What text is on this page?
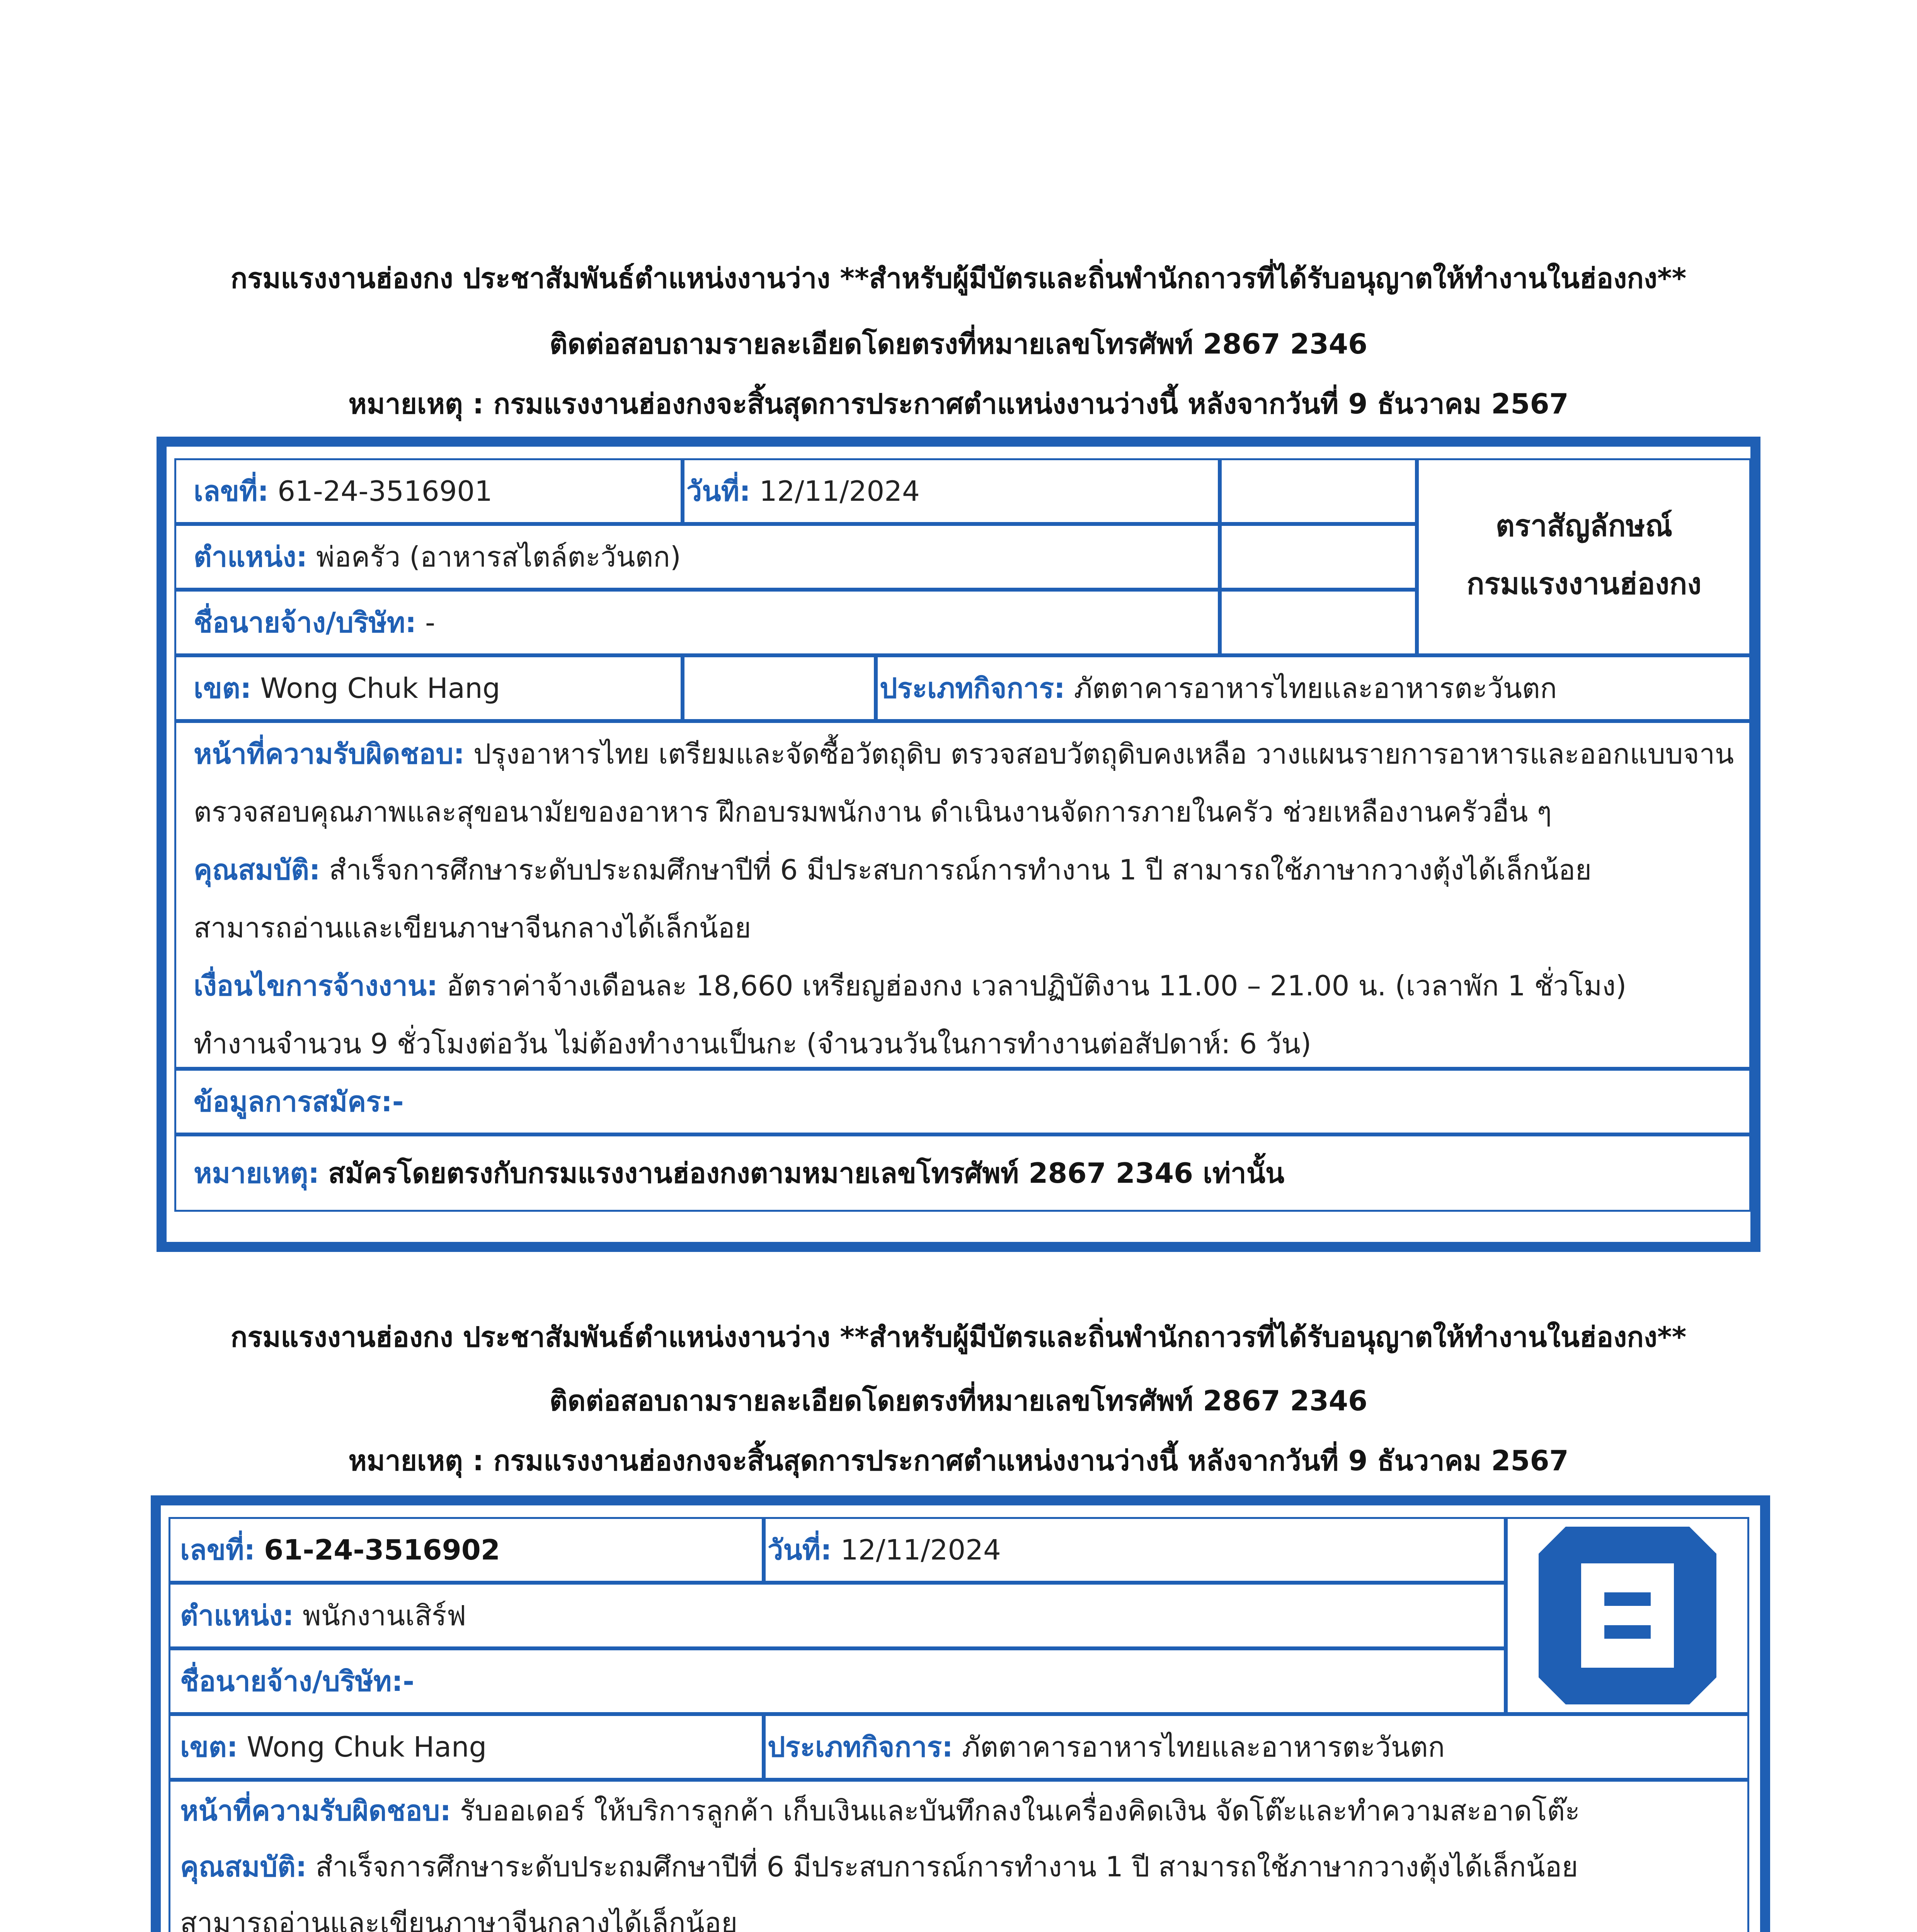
กรมแรงงานฮ่องกง ประชาสัมพันธ์ตำแหน่งงานว่าง **สำหรับผู้มีบัตรและถิ่นพำนักถาวรที่ได้รับอนุญาตให้ทำงานในฮ่องกง**
ติดต่อสอบถามรายละเอียดโดยตรงที่หมายเลขโทรศัพท์ 2867 2346
หมายเหตุ : กรมแรงงานฮ่องกงจะสิ้นสุดการประกาศตำแหน่งงานว่างนี้ หลังจากวันที่ 9 ธันวาคม 2567
ตราสัญลักษณ์
กรมแรงงานฮ่องกง
เลขที่: 61-24-3516901	วันที่: 12/11/2024
ตำแหน่ง: พ่อครัว (อาหารสไตล์ตะวันตก)
ชื่อนายจ้าง/บริษัท: -
เขต: Wong Chuk Hang	ประเภทกิจการ: ภัตตาคารอาหารไทยและอาหารตะวันตก
หน้าที่ความรับผิดชอบ: ปรุงอาหารไทย เตรียมและจัดซื้อวัตถุดิบ ตรวจสอบวัตถุดิบคงเหลือ วางแผนรายการอาหารและออกแบบจาน
ตรวจสอบคุณภาพและสุขอนามัยของอาหาร ฝึกอบรมพนักงาน ดำเนินงานจัดการภายในครัว ช่วยเหลืองานครัวอื่น ๆ
คุณสมบัติ: สำเร็จการศึกษาระดับประถมศึกษาปีที่ 6 มีประสบการณ์การทำงาน 1 ปี สามารถใช้ภาษากวางตุ้งได้เล็กน้อย
สามารถอ่านและเขียนภาษาจีนกลางได้เล็กน้อย
เงื่อนไขการจ้างงาน: อัตราค่าจ้างเดือนละ 18,660 เหรียญฮ่องกง เวลาปฏิบัติงาน 11.00 – 21.00 น. (เวลาพัก 1 ชั่วโมง)
ทำงานจำนวน 9 ชั่วโมงต่อวัน ไม่ต้องทำงานเป็นกะ (จำนวนวันในการทำงานต่อสัปดาห์: 6 วัน)
ข้อมูลการสมัคร:-
หมายเหตุ: สมัครโดยตรงกับกรมแรงงานฮ่องกงตามหมายเลขโทรศัพท์ 2867 2346 เท่านั้น
กรมแรงงานฮ่องกง ประชาสัมพันธ์ตำแหน่งงานว่าง **สำหรับผู้มีบัตรและถิ่นพำนักถาวรที่ได้รับอนุญาตให้ทำงานในฮ่องกง**
ติดต่อสอบถามรายละเอียดโดยตรงที่หมายเลขโทรศัพท์ 2867 2346
หมายเหตุ : กรมแรงงานฮ่องกงจะสิ้นสุดการประกาศตำแหน่งงานว่างนี้ หลังจากวันที่ 9 ธันวาคม 2567
เลขที่: 61-24-3516902	วันที่: 12/11/2024
ตำแหน่ง: พนักงานเสิร์ฟ
ชื่อนายจ้าง/บริษัท:-
เขต: Wong Chuk Hang	ประเภทกิจการ: ภัตตาคารอาหารไทยและอาหารตะวันตก
หน้าที่ความรับผิดชอบ: รับออเดอร์ ให้บริการลูกค้า เก็บเงินและบันทึกลงในเครื่องคิดเงิน จัดโต๊ะและทำความสะอาดโต๊ะ
คุณสมบัติ: สำเร็จการศึกษาระดับประถมศึกษาปีที่ 6 มีประสบการณ์การทำงาน 1 ปี สามารถใช้ภาษากวางตุ้งได้เล็กน้อย
สามารถอ่านและเขียนภาษาจีนกลางได้เล็กน้อย
